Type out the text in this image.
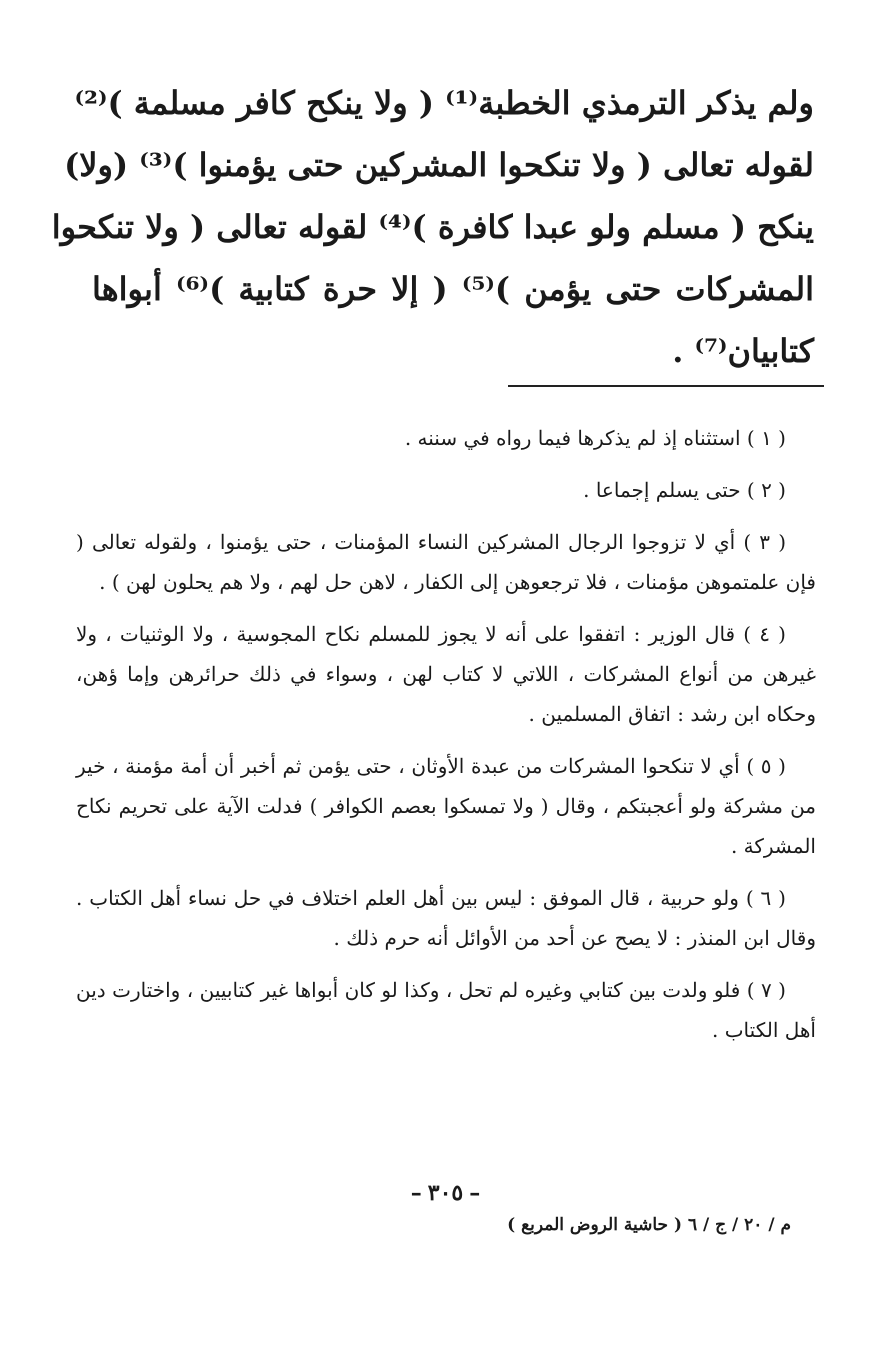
ولم يذكر الترمذي الخطبة⁽¹⁾ ( ولا ينكح كافر مسلمة )⁽²⁾
لقوله تعالى ( ولا تنكحوا المشركين حتى يؤمنوا )⁽³⁾ (ولا)
ينكح ( مسلم ولو عبدا كافرة )⁽⁴⁾ لقوله تعالى ( ولا تنكحوا
المشركات حتى يؤمن )⁽⁵⁾ ( إلا حرة كتابية )⁽⁶⁾ أبواها
كتابيان⁽⁷⁾ .

( ١ ) استثناه إذ لم يذكرها فيما رواه في سننه .

( ٢ ) حتى يسلم إجماعا .

( ٣ ) أي لا تزوجوا الرجال المشركين النساء المؤمنات ، حتى يؤمنوا ، ولقوله تعالى ( فإن علمتموهن مؤمنات ، فلا ترجعوهن إلى الكفار ، لاهن حل لهم ، ولا هم يحلون لهن ) .

( ٤ ) قال الوزير : اتفقوا على أنه لا يجوز للمسلم نكاح المجوسية ، ولا الوثنيات ، ولا غيرهن من أنواع المشركات ، اللاتي لا كتاب لهن ، وسواء في ذلك حرائرهن وإما ؤهن، وحكاه ابن رشد : اتفاق المسلمين .

( ٥ ) أي لا تنكحوا المشركات من عبدة الأوثان ، حتى يؤمن ثم أخبر أن أمة مؤمنة ، خير من مشركة ولو أعجبتكم ، وقال ( ولا تمسكوا بعصم الكوافر ) فدلت الآية على تحريم نكاح المشركة .

( ٦ ) ولو حربية ، قال الموفق : ليس بين أهل العلم اختلاف في حل نساء أهل الكتاب . وقال ابن المنذر : لا يصح عن أحد من الأوائل أنه حرم ذلك .

( ٧ ) فلو ولدت بين كتابي وغيره لم تحل ، وكذا لو كان أبواها غير كتابيين ، واختارت دين أهل الكتاب .

–٣٠٥–
م / ٢٠ / ج / ٦ ( حاشية الروض المربع )
